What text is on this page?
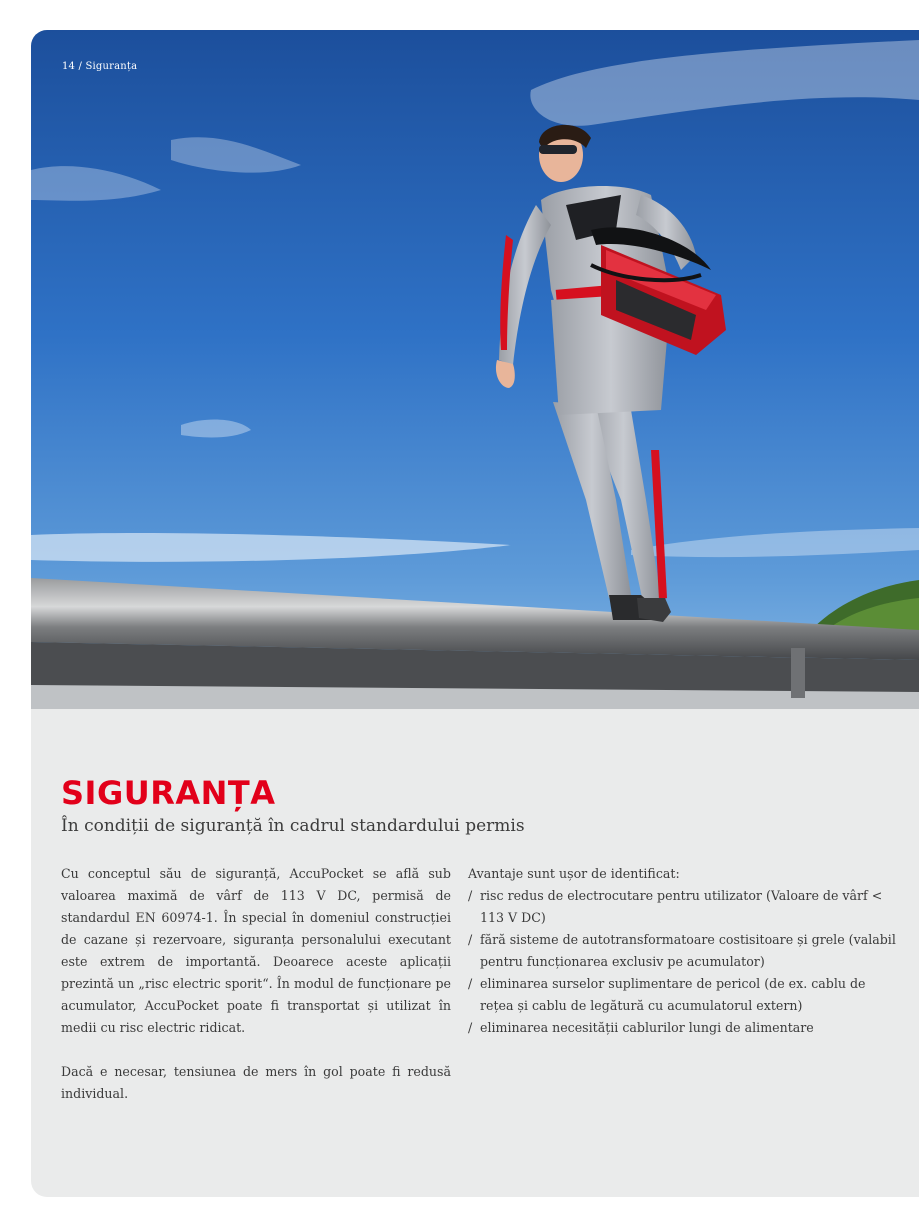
14 / Siguranța
SIGURANȚA

În condiții de siguranță în cadrul standardului permis

Cu conceptul său de siguranță, AccuPocket se află sub valoarea maximă de vârf de 113 V DC, permisă de standardul EN 60974-1. În special în domeniul construcției de cazane și rezervoare, siguranța personalului executant este extrem de importantă. Deoarece aceste aplicații prezintă un „risc electric sporit“. În modul de funcționare pe acumulator, AccuPocket poate fi transportat și utilizat în medii cu risc electric ridicat.

Dacă e necesar, tensiunea de mers în gol poate fi redusă individual.

Avantaje sunt ușor de identificat:

/ risc redus de electrocutare pentru utilizator (Valoare de vârf < 113 V DC)
/ fără sisteme de autotransformatoare costisitoare și grele (valabil pentru funcționarea exclusiv pe acumulator)
/ eliminarea surselor suplimentare de pericol (de ex. cablu de rețea și cablu de legătură cu acumulatorul extern)
/ eliminarea necesității cablurilor lungi de alimentare
